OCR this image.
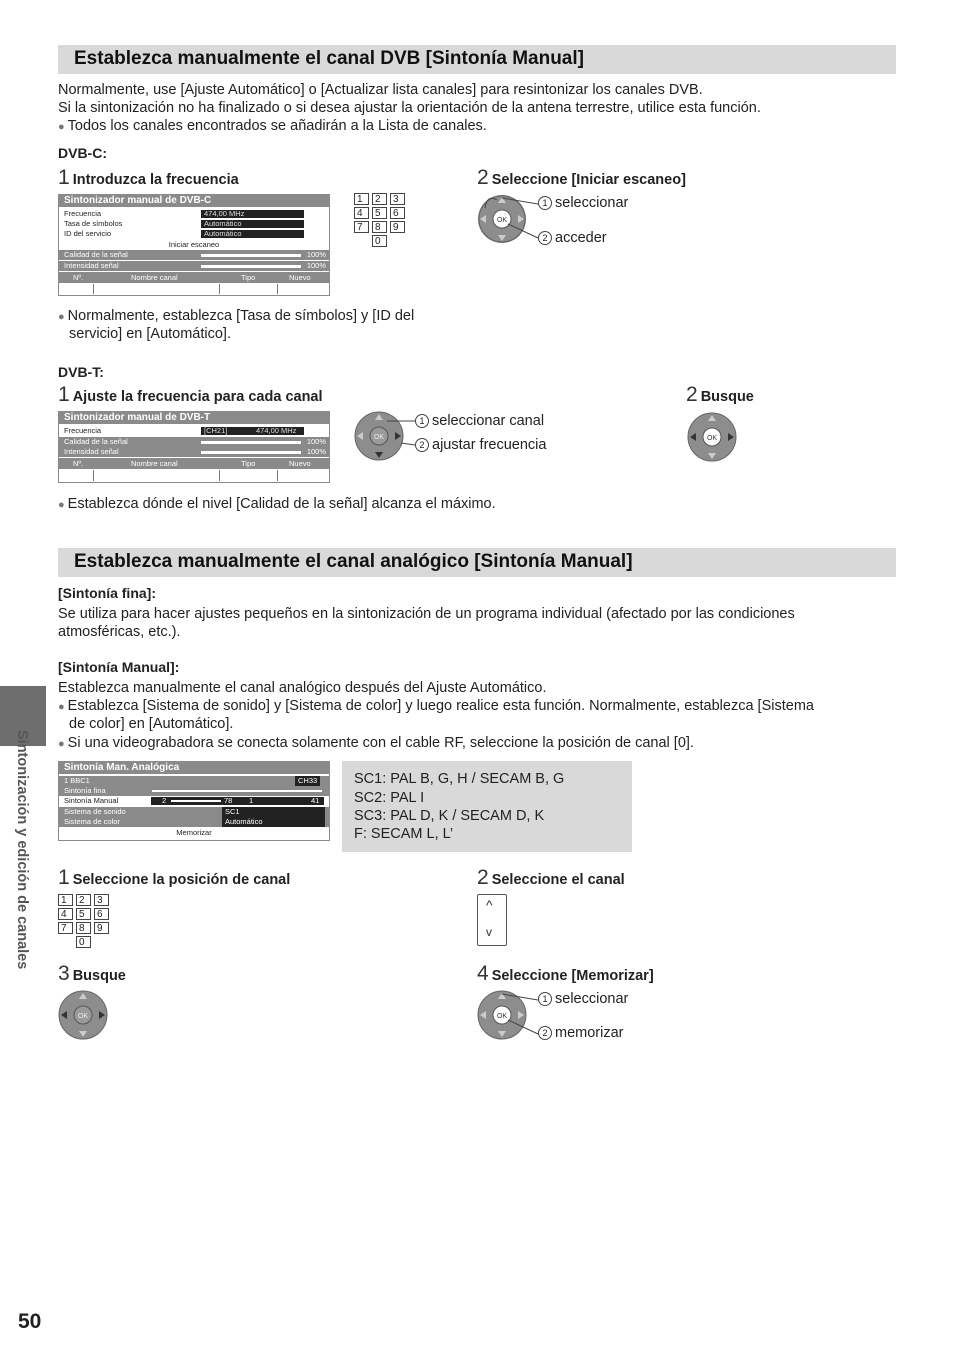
Establezca manualmente el canal DVB [Sintonía Manual]
Normalmente, use [Ajuste Automático] o [Actualizar lista canales] para resintonizar los canales DVB.
Si la sintonización no ha finalizado o si desea ajustar la orientación de la antena terrestre, utilice esta función.
● Todos los canales encontrados se añadirán a la Lista de canales.
DVB-C:
1 Introduzca la frecuencia	2 Seleccione [Iniciar escaneo]
Sintonizador manual de DVB-C
Frecuencia	474,00 MHz
Tasa de símbolos	Automático
ID del servicio	Automático
Iniciar escaneo
Calidad de la señal	100%
Intensidad señal	100%
Nº.	Nombre canal	Tipo	Nuevo
1	2	3
4	5	6
7	8	9
0
OK
1 seleccionar
2 acceder
● Normalmente, establezca [Tasa de símbolos] y [ID del
servicio] en [Automático].
DVB-T:
1 Ajuste la frecuencia para cada canal	2 Busque
Sintonizador manual de DVB-T
Frecuencia	[CH21]	474,00 MHz
Calidad de la señal	100%
Intensidad señal	100%
Nº.	Nombre canal	Tipo	Nuevo
OK
1 seleccionar canal
2 ajustar frecuencia	OK
● Establezca dónde el nivel [Calidad de la señal] alcanza el máximo.
Establezca manualmente el canal analógico [Sintonía Manual]
[Sintonía fina]:
Se utiliza para hacer ajustes pequeños en la sintonización de un programa individual (afectado por las condiciones
atmosféricas, etc.).
[Sintonía Manual]:
Establezca manualmente el canal analógico después del Ajuste Automático.
● Establezca [Sistema de sonido] y [Sistema de color] y luego realice esta función. Normalmente, establezca [Sistema
de color] en [Automático].
● Si una videograbadora se conecta solamente con el cable RF, seleccione la posición de canal [0].
Sintonía Man. Analógica
1 BBC1	CH33
Sintonía fina
Sintonía Manual	2	78 1	41
Sistema de sonido	SC1
Sistema de color	Automático
Memorizar
SC1: PAL B, G, H / SECAM B, G
SC2: PAL I
SC3: PAL D, K / SECAM D, K
F: SECAM L, L’
1 Seleccione la posición de canal	2 Seleccione el canal
1	2	3
4	5	6
7	8	9
0
^
v
3 Busque	4 Seleccione [Memorizar]
OK	OK
1 seleccionar
2 memorizar
Sintonización y edición de canales
50
